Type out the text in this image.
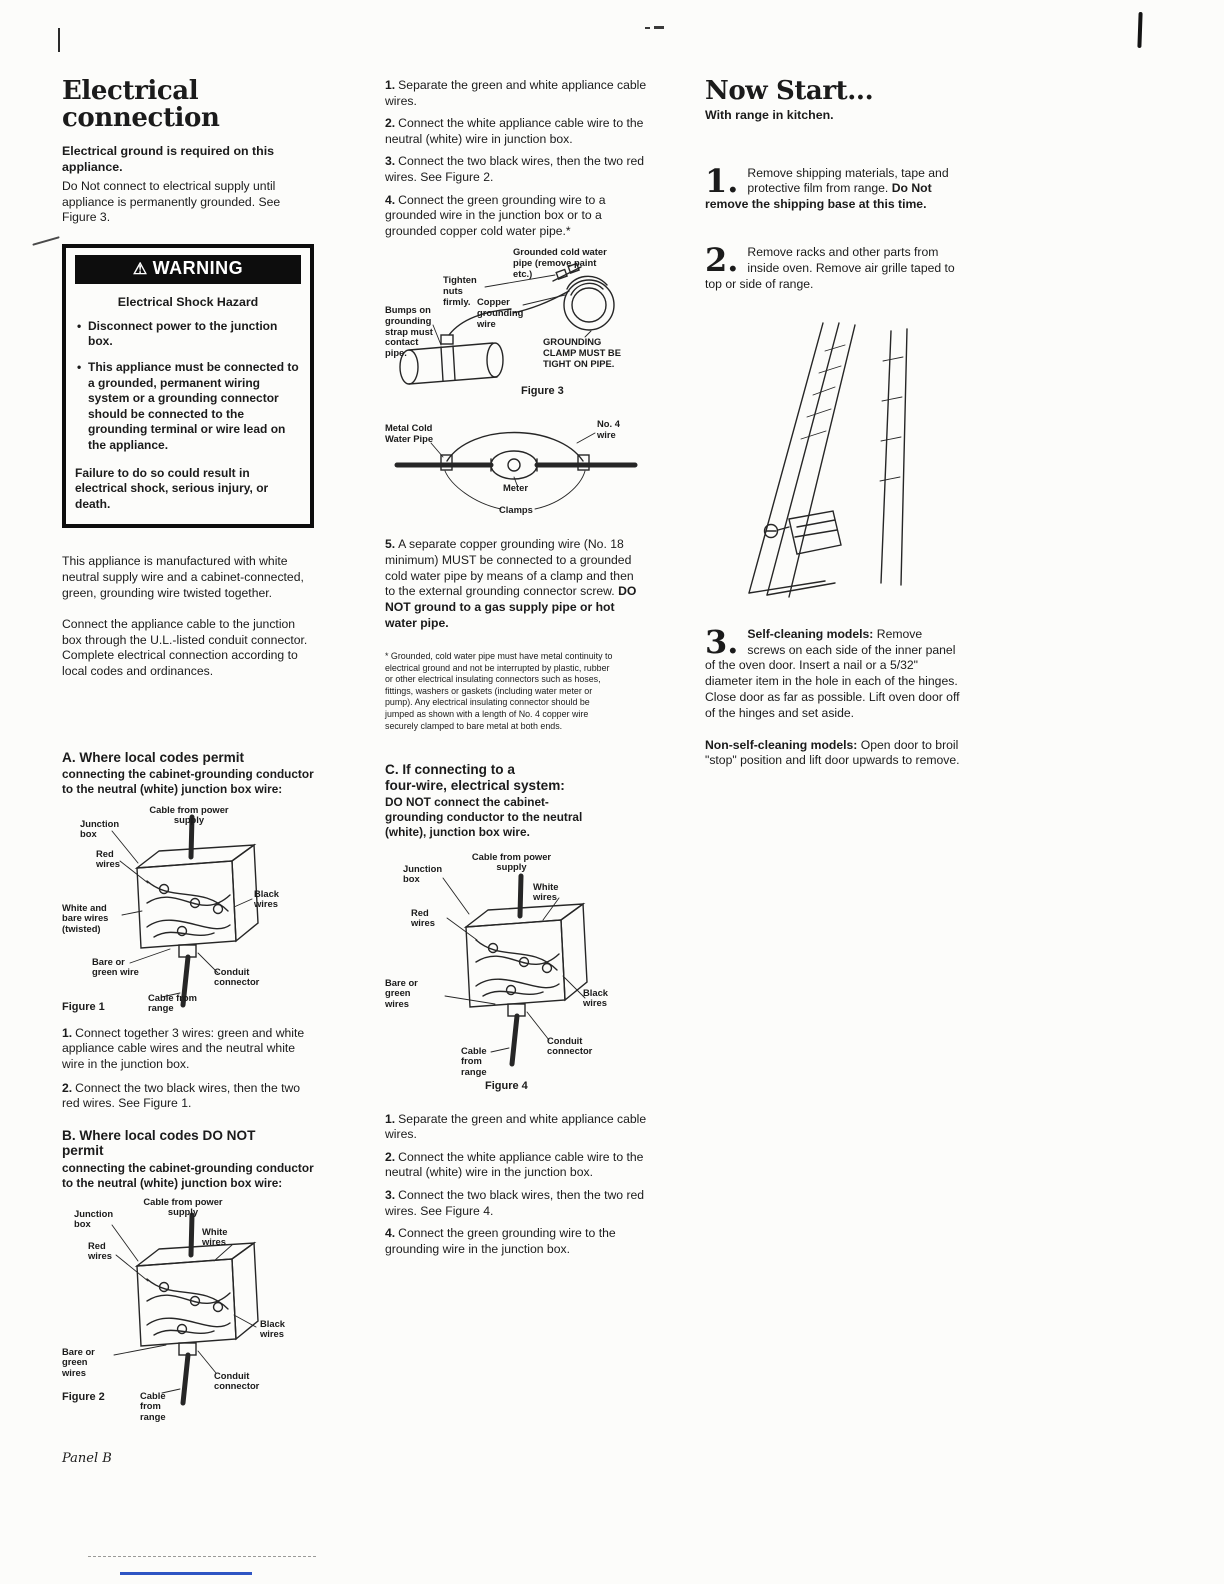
Electrical
connection

Electrical ground is required on this appliance.

Do Not connect to electrical supply until appliance is permanently grounded. See Figure 3.

⚠ WARNING

Electrical Shock Hazard

• Disconnect power to the junction box.
• This appliance must be connected to a grounded, permanent wiring system or a grounding connector should be connected to the grounding terminal or wire lead on the appliance.

Failure to do so could result in electrical shock, serious injury, or death.

This appliance is manufactured with white neutral supply wire and a cabinet-connected, green, grounding wire twisted together.

Connect the appliance cable to the junction box through the U.L.-listed conduit connector. Complete electrical connection according to local codes and ordinances.

A. Where local codes permit

connecting the cabinet-grounding conductor to the neutral (white) junction box wire:

Cable from power supply
Junction box
Red wires
Black wires
White and bare wires (twisted)
Bare or green wire	Conduit connector
Cable from range
Figure 1

1. Connect together 3 wires: green and white appliance cable wires and the neutral white wire in the junction box.

2. Connect the two black wires, then the two red wires. See Figure 1.

B. Where local codes DO NOT permit

connecting the cabinet-grounding conductor to the neutral (white) junction box wire:

Cable from power supply
Junction box
Red wires
White wires
Black wires
Bare or green wires	Conduit connector
Cable from range
Figure 2

Panel B

1. Separate the green and white appliance cable wires.

2. Connect the white appliance cable wire to the neutral (white) wire in junction box.

3. Connect the two black wires, then the two red wires. See Figure 2.

4. Connect the green grounding wire to a grounded wire in the junction box or to a grounded copper cold water pipe.*

Grounded cold water pipe (remove paint etc.)
Tighten nuts firmly. Copper grounding wire
Bumps on grounding strap must contact pipe.
GROUNDING CLAMP MUST BE TIGHT ON PIPE.
Figure 3
Metal Cold Water Pipe
No. 4 wire
Meter
Clamps

5. A separate copper grounding wire (No. 18 minimum) MUST be connected to a grounded cold water pipe by means of a clamp and then to the external grounding connector screw. DO NOT ground to a gas supply pipe or hot water pipe.

* Grounded, cold water pipe must have metal continuity to electrical ground and not be interrupted by plastic, rubber or other electrical insulating connectors such as hoses, fittings, washers or gaskets (including water meter or pump). Any electrical insulating connector should be jumped as shown with a length of No. 4 copper wire securely clamped to bare metal at both ends.

C. If connecting to a
four-wire, electrical system:

DO NOT connect the cabinet-grounding conductor to the neutral (white), junction box wire.

Junction box
Cable from power supply
White wires
Red wires
Bare or green wires
Black wires
Cable from range
Conduit connector
Figure 4

1. Separate the green and white appliance cable wires.

2. Connect the white appliance cable wire to the neutral (white) wire in the junction box.

3. Connect the two black wires, then the two red wires. See Figure 4.

4. Connect the green grounding wire to the grounding wire in the junction box.

Now Start...

With range in kitchen.

1. Remove shipping materials, tape and protective film from range. Do Not remove the shipping base at this time.
2. Remove racks and other parts from inside oven. Remove air grille taped to top or side of range.
3. Self-cleaning models: Remove screws on each side of the inner panel of the oven door. Insert a nail or a 5/32" diameter item in the hole in each of the hinges. Close door as far as possible. Lift oven door off of the hinges and set aside.

Non-self-cleaning models: Open door to broil "stop" position and lift door upwards to remove.
